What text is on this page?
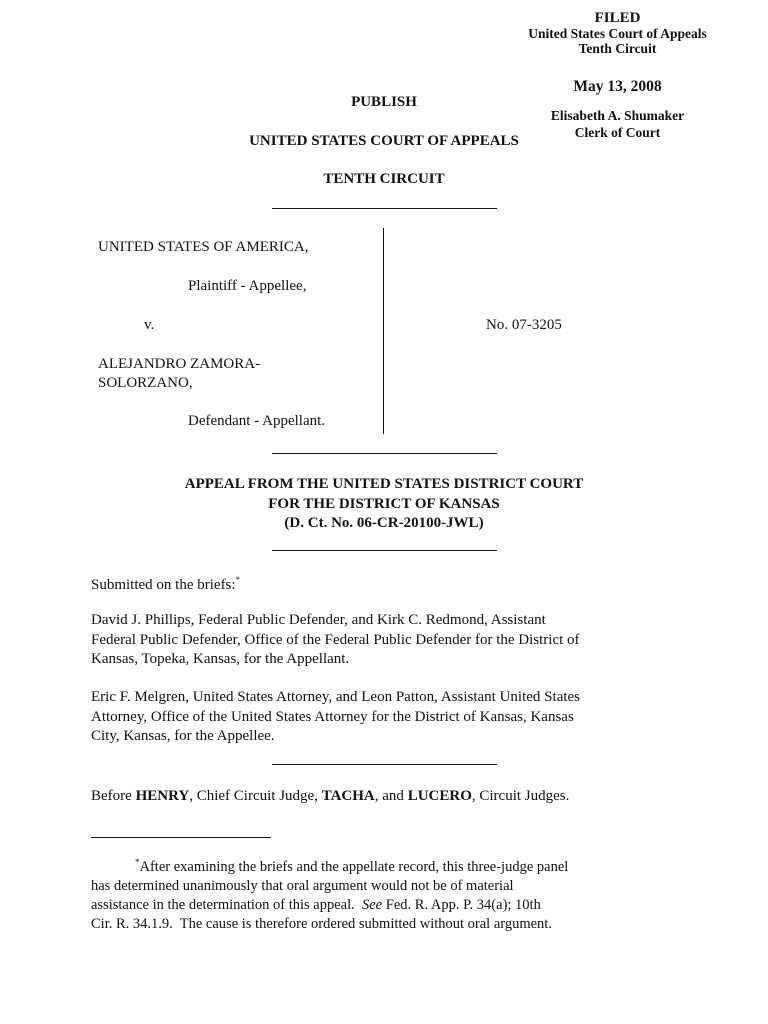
FILED
United States Court of Appeals
Tenth Circuit
May 13, 2008
Elisabeth A. Shumaker
Clerk of Court
PUBLISH
UNITED STATES COURT OF APPEALS
TENTH CIRCUIT
UNITED STATES OF AMERICA,
Plaintiff - Appellee,
v.
ALEJANDRO ZAMORA-
SOLORZANO,
Defendant - Appellant.
No. 07-3205
APPEAL FROM THE UNITED STATES DISTRICT COURT
FOR THE DISTRICT OF KANSAS
(D. Ct. No. 06-CR-20100-JWL)
Submitted on the briefs:*
David J. Phillips, Federal Public Defender, and Kirk C. Redmond, Assistant
Federal Public Defender, Office of the Federal Public Defender for the District of
Kansas, Topeka, Kansas, for the Appellant.
Eric F. Melgren, United States Attorney, and Leon Patton, Assistant United States
Attorney, Office of the United States Attorney for the District of Kansas, Kansas
City, Kansas, for the Appellee.
Before HENRY, Chief Circuit Judge, TACHA, and LUCERO, Circuit Judges.
*After examining the briefs and the appellate record, this three-judge panel
has determined unanimously that oral argument would not be of material
assistance in the determination of this appeal.  See Fed. R. App. P. 34(a); 10th
Cir. R. 34.1.9.  The cause is therefore ordered submitted without oral argument.
